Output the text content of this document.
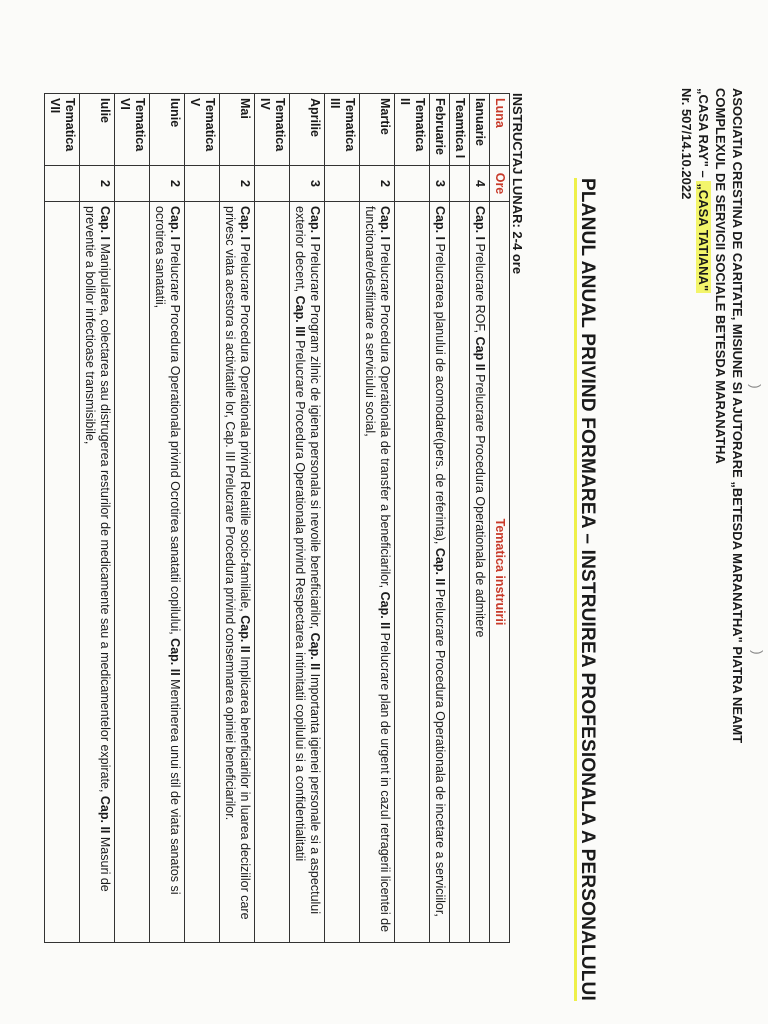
ASOCIATIA CRESTINA DE CARITATE, MISIUNE SI AJUTORARE „BETESDA MARANATHA" PIATRA NEAMT
COMPLEXUL DE SERVICII SOCIALE BETESDA MARANATHA
„CASA RAY" – „CASA TATIANA"
Nr. 507/14.10.2022
PLANUL ANUAL PRIVIND FORMAREA – INSTRUIREA PROFESIONALA A PERSONALULUI
INSTRUCTAJ LUNAR: 2-4 ore
Luna	Ore	Tematica instruirii
Ianuarie	4	Cap. I Prelucrare ROF, Cap II Prelucrare Procedura Operationala de admitere
Teamtica I		
Februarie	3	Cap. I Prelucrarea planului de acomodare(pers. de referinta), Cap. II Prelucrare Procedura Operationala de incetare a serviciilor,
Tematica II		
Martie	2	Cap. I Prelucrare Procedura Operationala de transfer a beneficiarilor, Cap. II Prelucrare plan de urgent in cazul retragerii licentei de functionare/desfiintare a serviciului social,
Tematica III		
Aprilie	3	Cap. I Prelucrare Program zilnic de igiena personala si nevoile beneficiarilor, Cap. II Importanta igienei personale si a aspectului exterior decent, Cap. III Prelucrare Procedura Operationala privind Respectarea intimitatii copilului si a confidentialitatii
Tematica IV		
Mai	2	Cap. I Prelucrare Procedura Operationala privind Relatiile socio-familiale, Cap. II Implicarea beneficiarilor in luarea deciziilor care privesc viata acestora si activitatile lor, Cap. III Prelucrare Procedura privind consemnarea opiniei beneficiarilor.
Tematica V		
Iunie	2	Cap. I Prelucrare Procedura Operationala privind Ocrotirea sanatatii copilului, Cap. II Mentinerea unui stil de viata sanatos si ocrotirea sanatatii,
Tematica VI		
Iulie	2	Cap. I Manipularea, colectarea sau distrugerea resturilor de medicamente sau a medicamentelor expirate, Cap. II Masuri de preventie a bolilor infectioase transmisibile,
Tematica VII		
)
)
